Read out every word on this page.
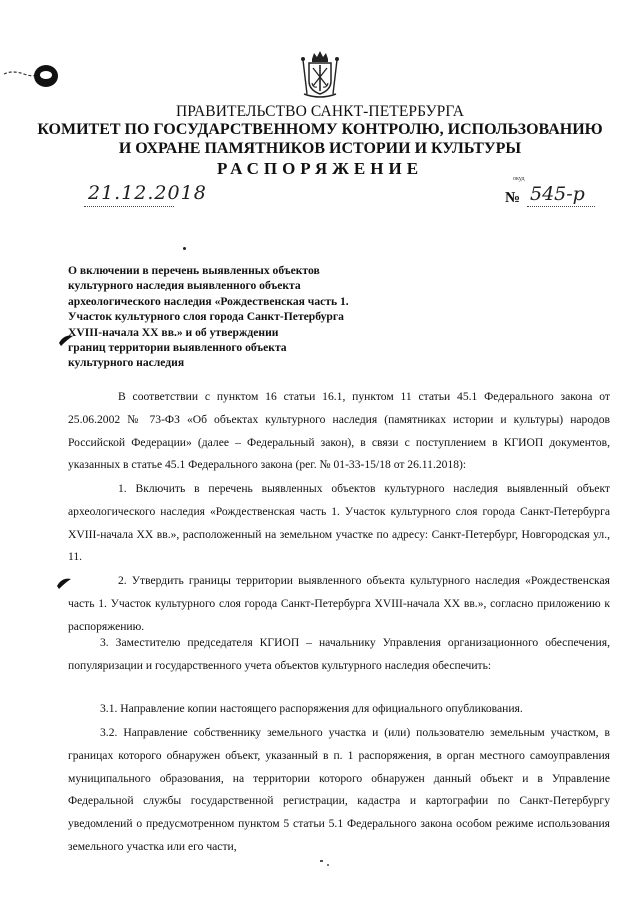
ПРАВИТЕЛЬСТВО САНКТ-ПЕТЕРБУРГА
КОМИТЕТ ПО ГОСУДАРСТВЕННОМУ КОНТРОЛЮ, ИСПОЛЬЗОВАНИЮ
И ОХРАНЕ ПАМЯТНИКОВ ИСТОРИИ И КУЛЬТУРЫ
РАСПОРЯЖЕНИЕ
21.12.2018
окуд
№ 545-р
О включении в перечень выявленных объектов
культурного наследия выявленного объекта
археологического наследия «Рождественская часть 1.
Участок культурного слоя города Санкт-Петербурга
XVIII-начала XX вв.» и об утверждении
границ территории выявленного объекта
культурного наследия

В соответствии с пунктом 16 статьи 16.1, пунктом 11 статьи 45.1 Федерального закона от 25.06.2002 № 73-ФЗ «Об объектах культурного наследия (памятниках истории и культуры) народов Российской Федерации» (далее – Федеральный закон), в связи с поступлением в КГИОП документов, указанных в статье 45.1 Федерального закона (рег. № 01-33-15/18 от 26.11.2018):

1. Включить в перечень выявленных объектов культурного наследия выявленный объект археологического наследия «Рождественская часть 1. Участок культурного слоя города Санкт-Петербурга XVIII-начала XX вв.», расположенный на земельном участке по адресу: Санкт-Петербург, Новгородская ул., 11.

2. Утвердить границы территории выявленного объекта культурного наследия «Рождественская часть 1. Участок культурного слоя города Санкт-Петербурга XVIII-начала XX вв.», согласно приложению к распоряжению.

3. Заместителю председателя КГИОП – начальнику Управления организационного обеспечения, популяризации и государственного учета объектов культурного наследия обеспечить:

3.1. Направление копии настоящего распоряжения для официального опубликования.

3.2. Направление собственнику земельного участка и (или) пользователю земельным участком, в границах которого обнаружен объект, указанный в п. 1 распоряжения, в орган местного самоуправления муниципального образования, на территории которого обнаружен данный объект и в Управление Федеральной службы государственной регистрации, кадастра и картографии по Санкт-Петербургу уведомлений о предусмотренном пунктом 5 статьи 5.1 Федерального закона особом режиме использования земельного участка или его части,
